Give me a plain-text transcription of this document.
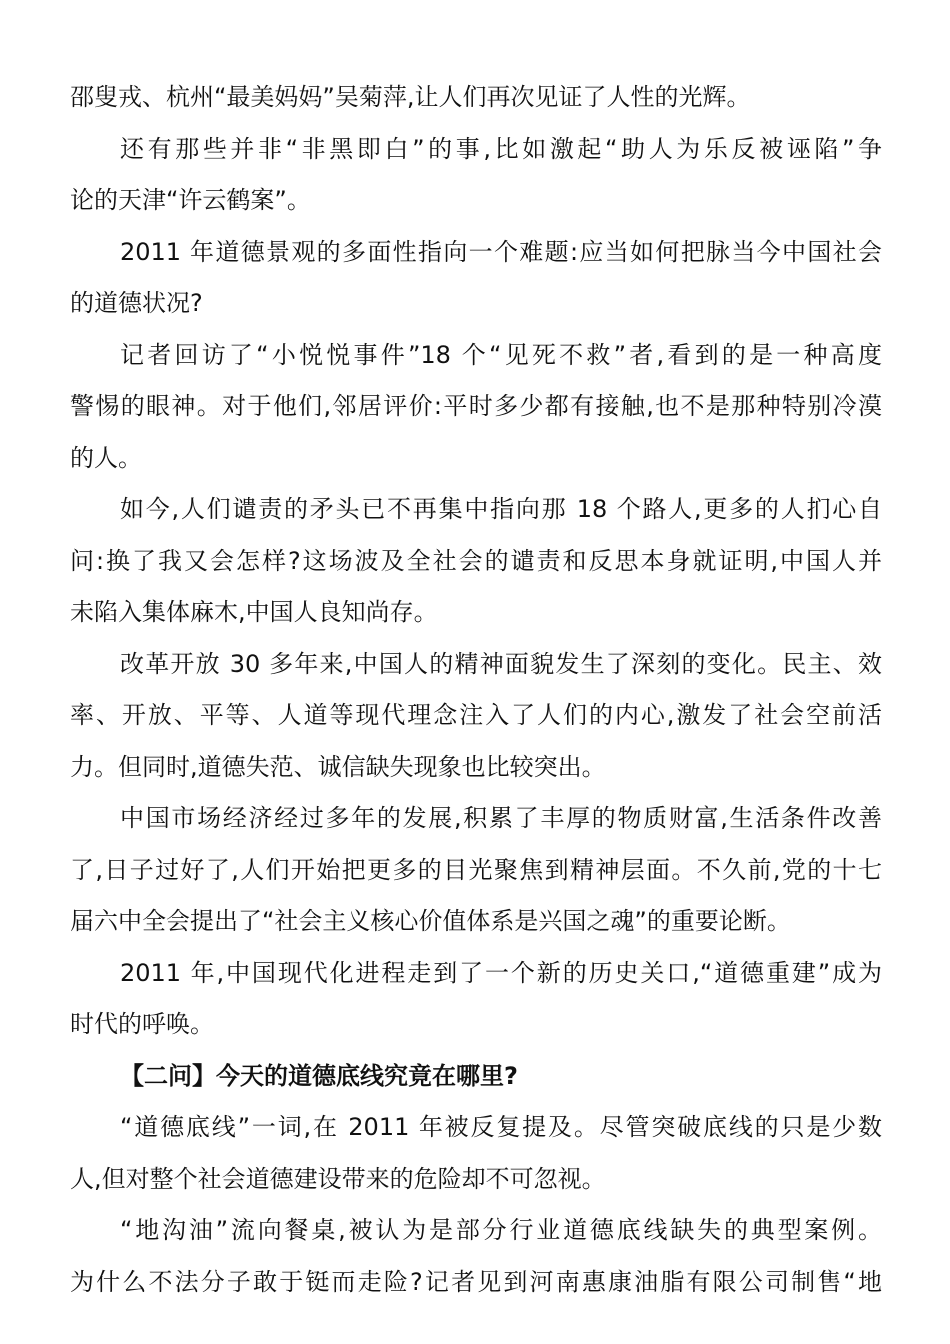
邵叟戎、杭州“最美妈妈”吴菊萍,让人们再次见证了人性的光辉。
还有那些并非“非黑即白”的事,比如激起“助人为乐反被诬陷”争
论的天津“许云鹤案”。
2011 年道德景观的多面性指向一个难题:应当如何把脉当今中国社会
的道德状况?
记者回访了“小悦悦事件”18 个“见死不救”者,看到的是一种高度
警惕的眼神。对于他们,邻居评价:平时多少都有接触,也不是那种特别冷漠
的人。
如今,人们谴责的矛头已不再集中指向那 18 个路人,更多的人扪心自
问:换了我又会怎样?这场波及全社会的谴责和反思本身就证明,中国人并
未陷入集体麻木,中国人良知尚存。
改革开放 30 多年来,中国人的精神面貌发生了深刻的变化。民主、效
率、开放、平等、人道等现代理念注入了人们的内心,激发了社会空前活
力。但同时,道德失范、诚信缺失现象也比较突出。
中国市场经济经过多年的发展,积累了丰厚的物质财富,生活条件改善
了,日子过好了,人们开始把更多的目光聚焦到精神层面。不久前,党的十七
届六中全会提出了“社会主义核心价值体系是兴国之魂”的重要论断。
2011 年,中国现代化进程走到了一个新的历史关口,“道德重建”成为
时代的呼唤。
【二问】今天的道德底线究竟在哪里?
“道德底线”一词,在 2011 年被反复提及。尽管突破底线的只是少数
人,但对整个社会道德建设带来的危险却不可忽视。
“地沟油”流向餐桌,被认为是部分行业道德底线缺失的典型案例。
为什么不法分子敢于铤而走险?记者见到河南惠康油脂有限公司制售“地
